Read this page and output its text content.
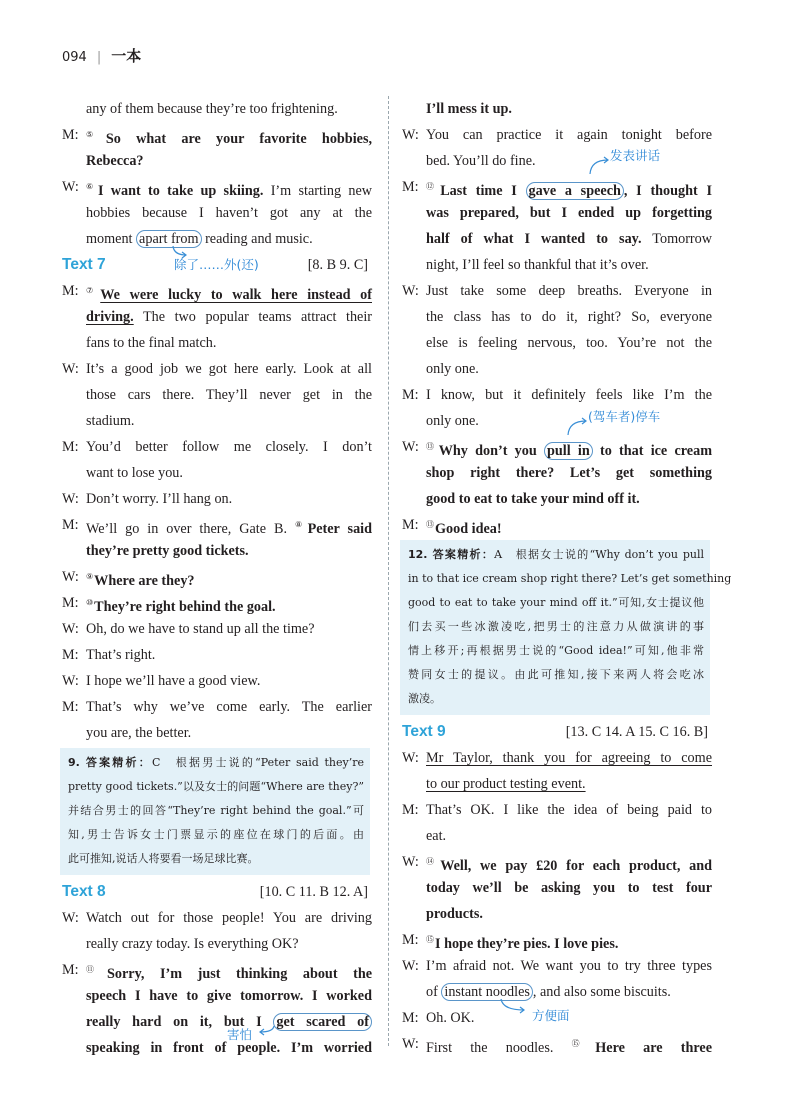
094 | 一本
any of them because they’re too frightening.
M: ⑤So what are your favorite hobbies,
Rebecca?
W: ⑥I want to take up skiing. I’m starting new
hobbies because I haven’t got any at the
moment apart from reading and music.
Text 7	除了……外(还)	[8. B 9. C]
M: ⑦We were lucky to walk here instead of
driving. The two popular teams attract their
fans to the final match.
W: It’s a good job we got here early. Look at all
those cars there. They’ll never get in the
stadium.
M: You’d better follow me closely. I don’t
want to lose you.
W: Don’t worry. I’ll hang on.
M: We’ll go in over there, Gate B. ⑧Peter said
they’re pretty good tickets.
W: ⑨Where are they?
M: ⑩They’re right behind the goal.
W: Oh, do we have to stand up all the time?
M: That’s right.
W: I hope we’ll have a good view.
M: That’s why we’ve come early. The earlier
you are, the better.
9. 答案精析：C　根据男士说的“Peter said they’re
pretty good tickets.”以及女士的问题“Where are they?”
并结合男士的回答“They’re right behind the goal.”可
知,男士告诉女士门票显示的座位在球门的后面。由
此可推知,说话人将要看一场足球比赛。
Text 8	[10. C 11. B 12. A]
W: Watch out for those people! You are driving
really crazy today. Is everything OK?
M: ⑪Sorry, I’m just thinking about the
speech I have to give tomorrow. I worked
really hard on it, but I get scared of
害怕
speaking in front of people. I’m worried
I’ll mess it up.
W: You can practice it again tonight before
bed. You’ll do fine.	发表讲话
M: ⑫Last time I gave a speech , I thought I
was prepared, but I ended up forgetting
half of what I wanted to say. Tomorrow
night, I’ll feel so thankful that it’s over.
W: Just take some deep breaths. Everyone in
the class has to do it, right? So, everyone
else is feeling nervous, too. You’re not the
only one.
M: I know, but it definitely feels like I’m the
only one.	(驾车者)停车
W: ⑬Why don’t you pull in to that ice cream
shop right there? Let’s get something
good to eat to take your mind off it.
M: ⑬Good idea!
12. 答案精析：A　根据女士说的“Why don’t you pull
in to that ice cream shop right there? Let’s get something
good to eat to take your mind off it.”可知,女士提议他
们去买一些冰激凌吃,把男士的注意力从做演讲的事
情上移开;再根据男士说的“Good idea!”可知,他非常
赞同女士的提议。由此可推知,接下来两人将会吃冰
激凌。
Text 9	[13. C 14. A 15. C 16. B]
W: Mr Taylor, thank you for agreeing to come
to our product testing event.
M: That’s OK. I like the idea of being paid to
eat.
W: ⑭Well, we pay £20 for each product, and
today we’ll be asking you to test four
products.
M: ⑮I hope they’re pies. I love pies.
W: I’m afraid not. We want you to try three types
of instant noodles , and also some biscuits.
M: Oh. OK.	方便面
W: First the noodles. ⑮Here are three
